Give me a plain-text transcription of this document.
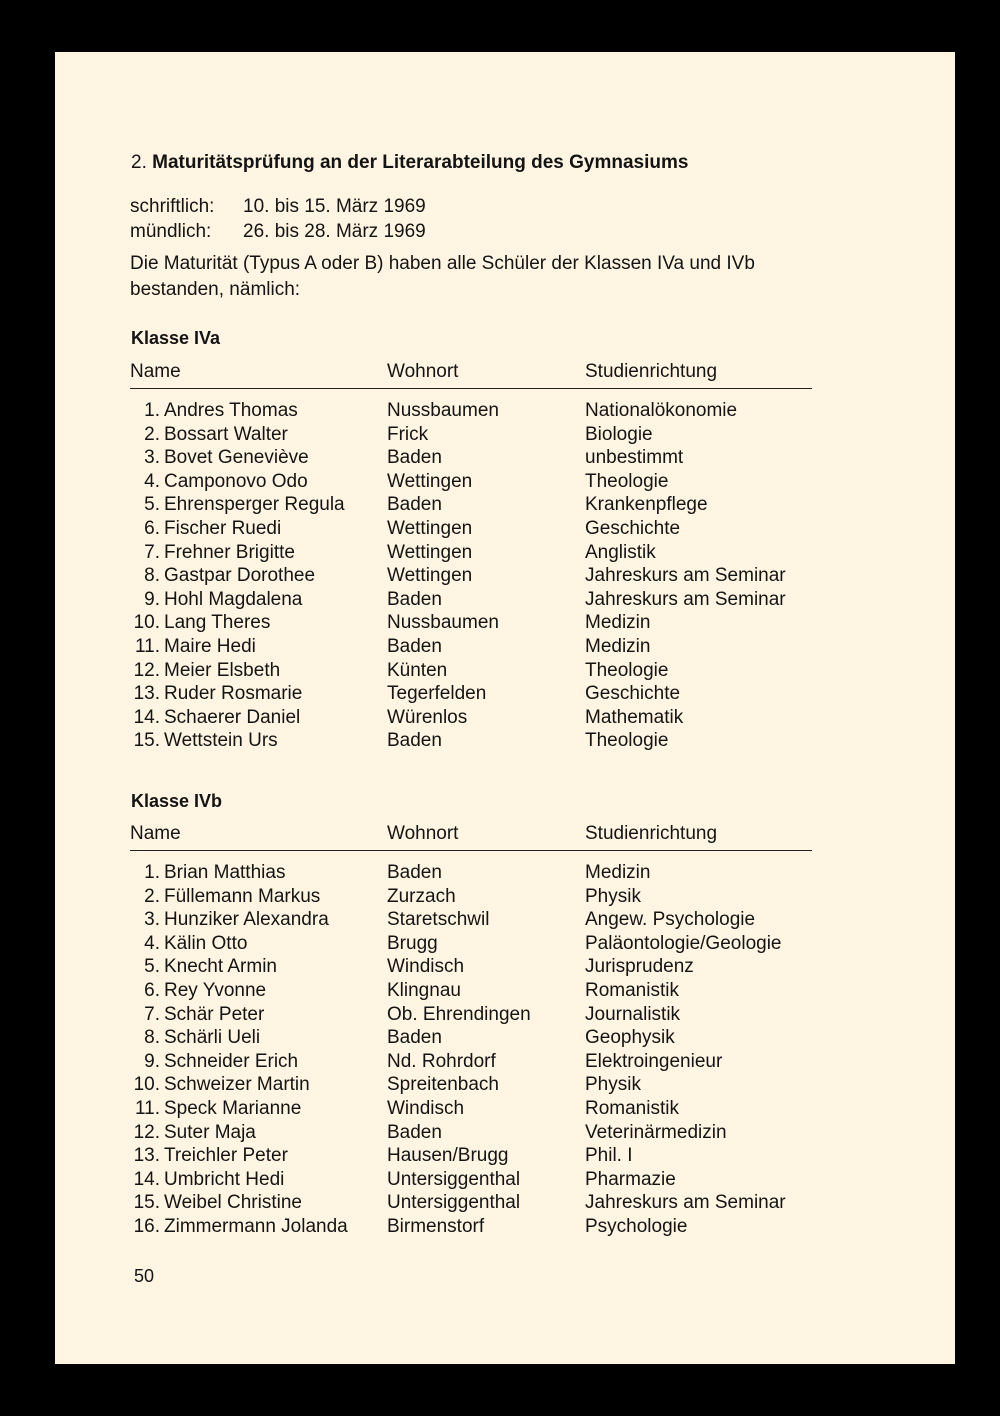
2. Maturitätsprüfung an der Literarabteilung des Gymnasiums
schriftlich:	10. bis 15. März 1969
mündlich:	26. bis 28. März 1969
Die Maturität (Typus A oder B) haben alle Schüler der Klassen IVa und IVb bestanden, nämlich:
Klasse IVa
Name	Wohnort	Studienrichtung
1. Andres Thomas	Nussbaumen	Nationalökonomie
2. Bossart Walter	Frick	Biologie
3. Bovet Geneviève	Baden	unbestimmt
4. Camponovo Odo	Wettingen	Theologie
5. Ehrensperger Regula	Baden	Krankenpflege
6. Fischer Ruedi	Wettingen	Geschichte
7. Frehner Brigitte	Wettingen	Anglistik
8. Gastpar Dorothee	Wettingen	Jahreskurs am Seminar
9. Hohl Magdalena	Baden	Jahreskurs am Seminar
10. Lang Theres	Nussbaumen	Medizin
11. Maire Hedi	Baden	Medizin
12. Meier Elsbeth	Künten	Theologie
13. Ruder Rosmarie	Tegerfelden	Geschichte
14. Schaerer Daniel	Würenlos	Mathematik
15. Wettstein Urs	Baden	Theologie
Klasse IVb
Name	Wohnort	Studienrichtung
1. Brian Matthias	Baden	Medizin
2. Füllemann Markus	Zurzach	Physik
3. Hunziker Alexandra	Staretschwil	Angew. Psychologie
4. Kälin Otto	Brugg	Paläontologie/Geologie
5. Knecht Armin	Windisch	Jurisprudenz
6. Rey Yvonne	Klingnau	Romanistik
7. Schär Peter	Ob. Ehrendingen	Journalistik
8. Schärli Ueli	Baden	Geophysik
9. Schneider Erich	Nd. Rohrdorf	Elektroingenieur
10. Schweizer Martin	Spreitenbach	Physik
11. Speck Marianne	Windisch	Romanistik
12. Suter Maja	Baden	Veterinärmedizin
13. Treichler Peter	Hausen/Brugg	Phil. I
14. Umbricht Hedi	Untersiggenthal	Pharmazie
15. Weibel Christine	Untersiggenthal	Jahreskurs am Seminar
16. Zimmermann Jolanda	Birmenstorf	Psychologie
50
